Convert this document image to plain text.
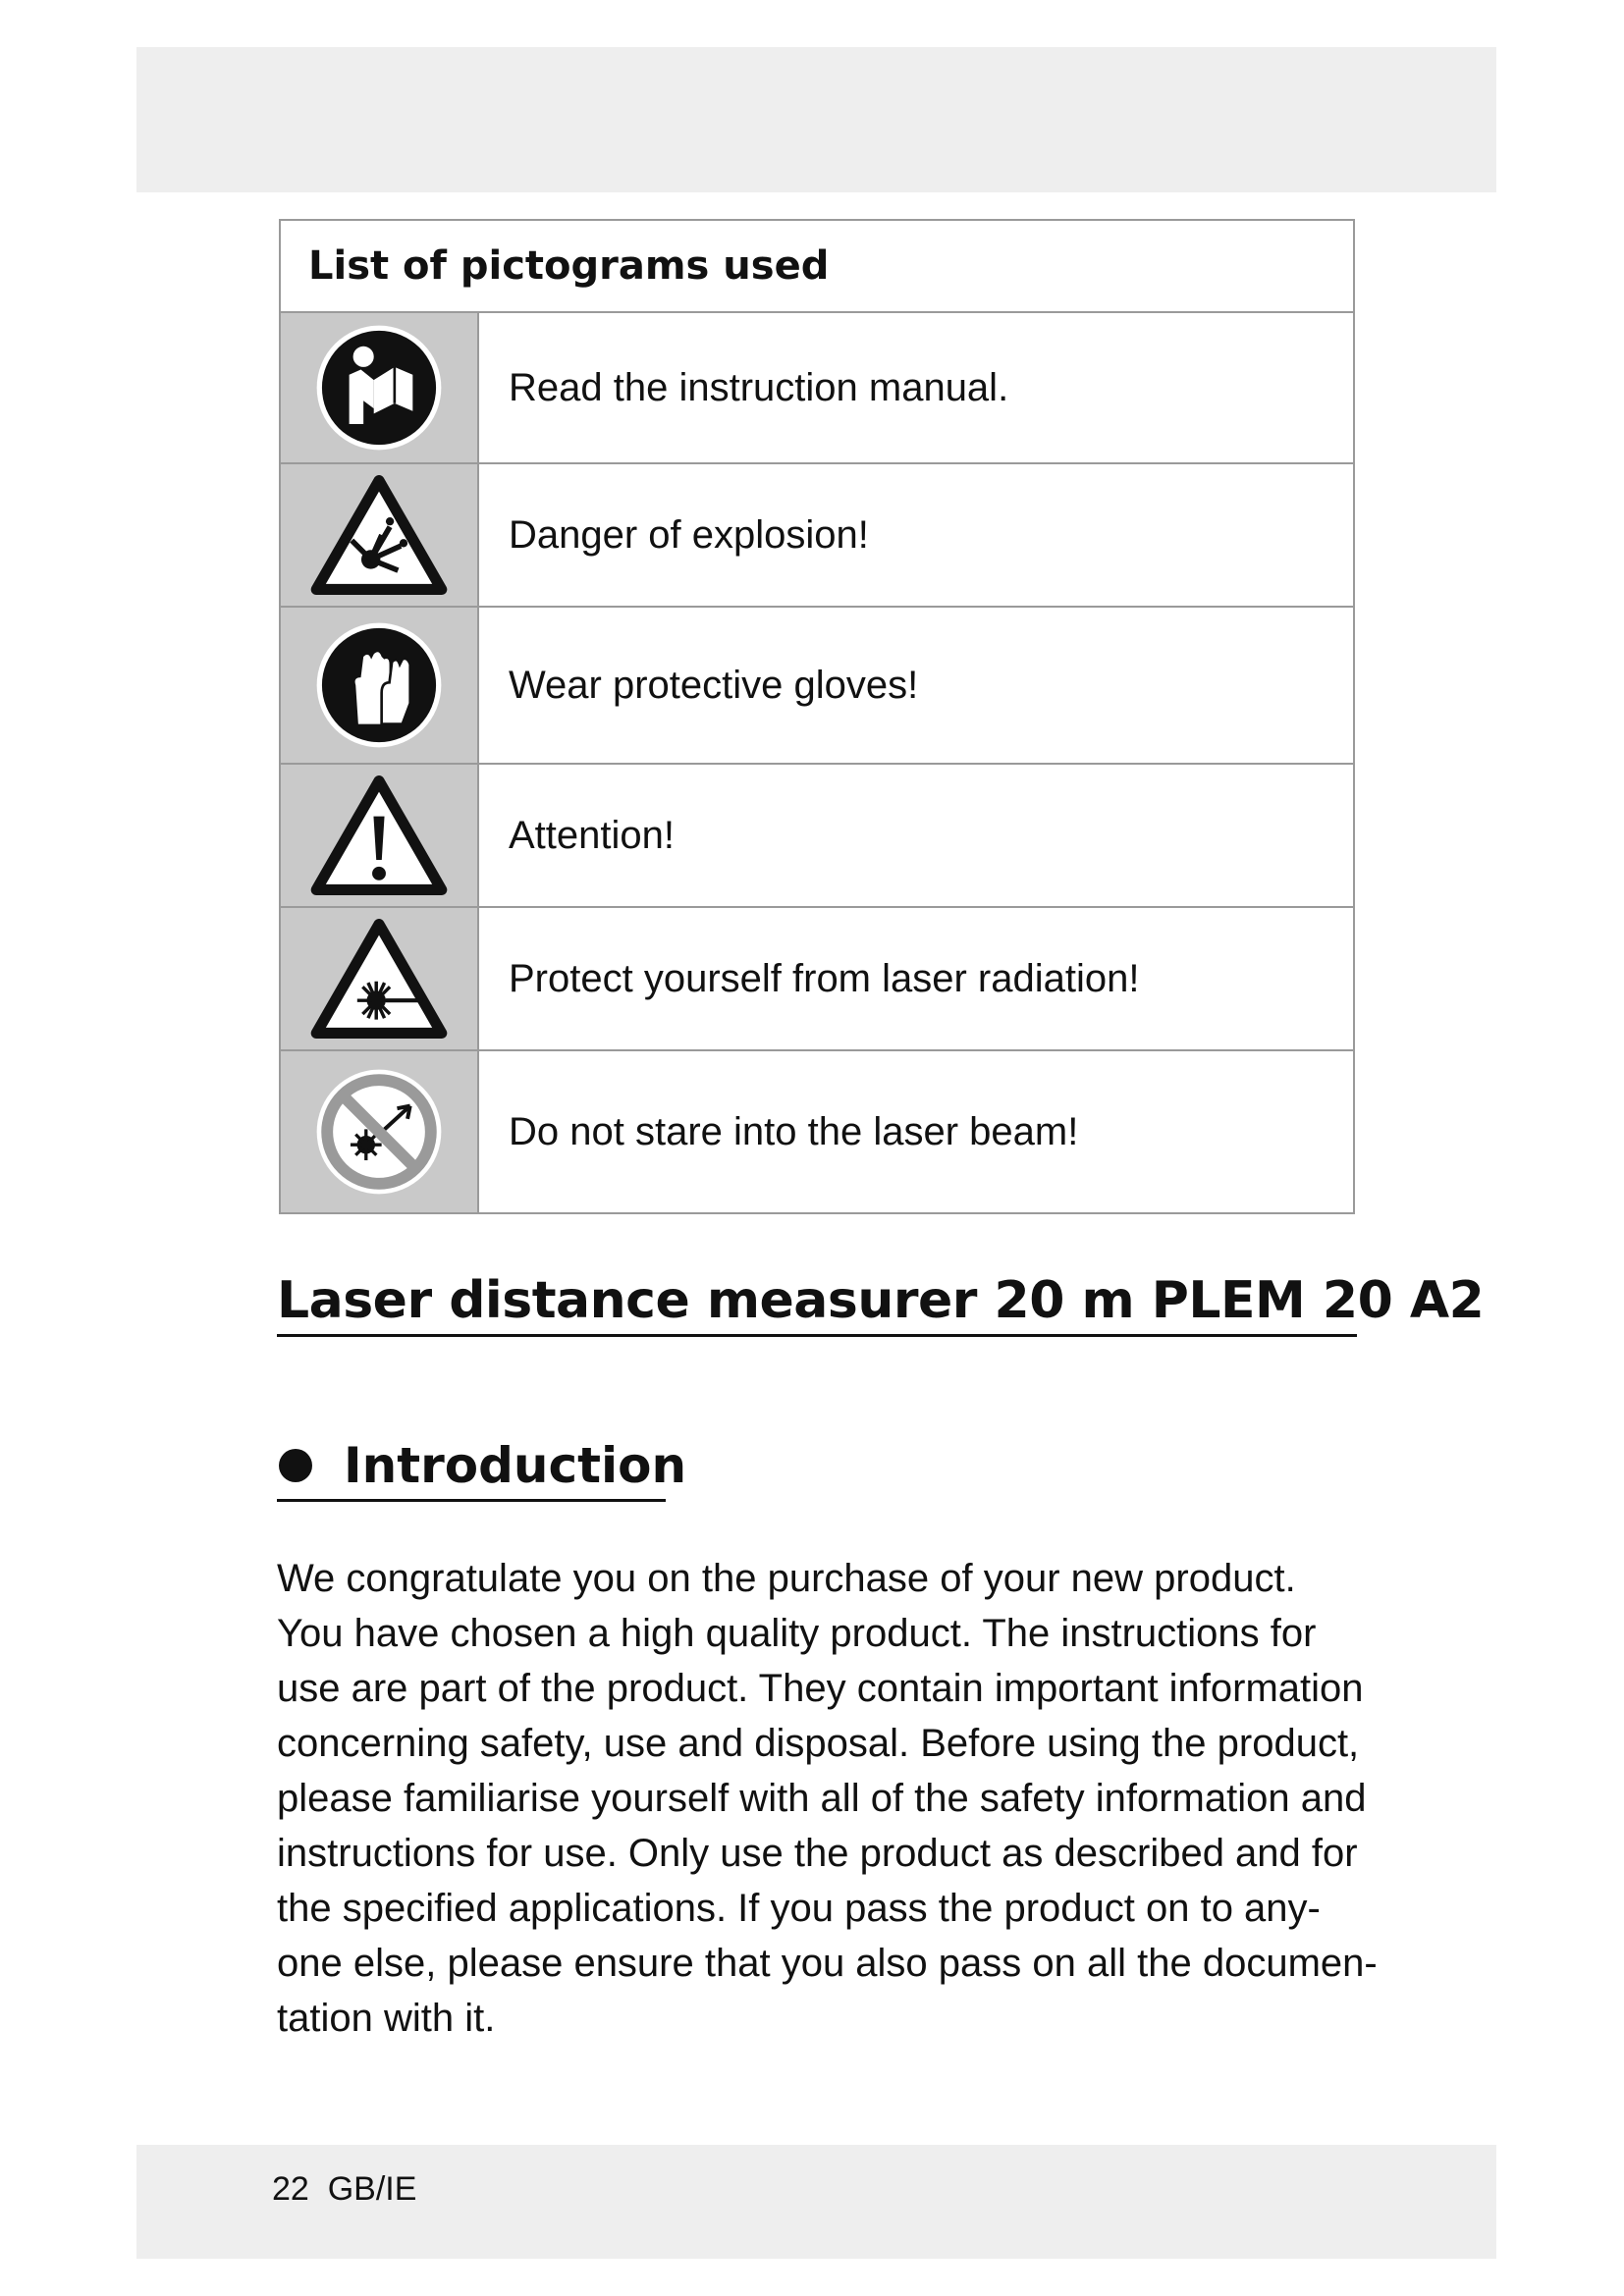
List of pictograms used
Read the instruction manual.
Danger of explosion!
Wear protective gloves!
Attention!
Protect yourself from laser radiation!
Do not stare into the laser beam!
Laser distance measurer 20 m PLEM 20 A2
Introduction

We congratulate you on the purchase of your new product.
You have chosen a high quality product. The instructions for
use are part of the product. They contain important information
concerning safety, use and disposal. Before using the product,
please familiarise yourself with all of the safety information and
instructions for use. Only use the product as described and for
the specified applications. If you pass the product on to any-
one else, please ensure that you also pass on all the documen-
tation with it.

22 GB/IE
